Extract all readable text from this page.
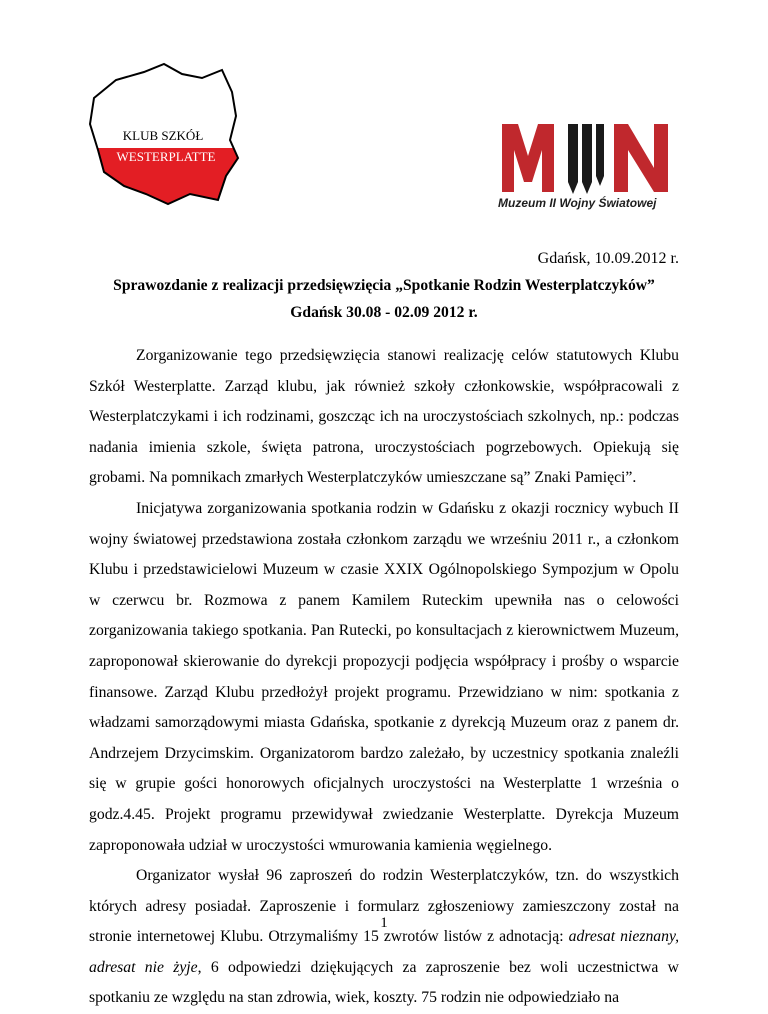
KLUB SZKÓŁ
WESTERPLATTE
Muzeum II Wojny Światowej
Gdańsk, 10.09.2012 r.
Sprawozdanie z realizacji przedsięwzięcia „Spotkanie Rodzin Westerplatczyków”
Gdańsk 30.08 - 02.09 2012 r.

Zorganizowanie tego przedsięwzięcia stanowi realizację celów statutowych Klubu Szkół Westerplatte. Zarząd klubu, jak również szkoły członkowskie, współpracowali z Westerplatczykami i ich rodzinami, goszcząc ich na uroczystościach szkolnych, np.: podczas nadania imienia szkole, święta patrona, uroczystościach pogrzebowych. Opiekują się grobami. Na pomnikach zmarłych Westerplatczyków umieszczane są” Znaki Pamięci”.

Inicjatywa zorganizowania spotkania rodzin w Gdańsku z okazji rocznicy wybuch II wojny światowej przedstawiona została członkom zarządu we wrześniu 2011 r., a członkom Klubu i przedstawicielowi Muzeum w czasie XXIX Ogólnopolskiego Sympozjum w Opolu w czerwcu br. Rozmowa z panem Kamilem Ruteckim upewniła nas o celowości zorganizowania takiego spotkania. Pan Rutecki, po konsultacjach z kierownictwem Muzeum, zaproponował skierowanie do dyrekcji propozycji podjęcia współpracy i prośby o wsparcie finansowe. Zarząd Klubu przedłożył projekt programu. Przewidziano w nim: spotkania z władzami samorządowymi miasta Gdańska, spotkanie z dyrekcją Muzeum oraz z panem dr. Andrzejem Drzycimskim. Organizatorom bardzo zależało, by uczestnicy spotkania znaleźli się w grupie gości honorowych oficjalnych uroczystości na Westerplatte 1 września o godz.4.45. Projekt programu przewidywał zwiedzanie Westerplatte. Dyrekcja Muzeum zaproponowała udział w uroczystości wmurowania kamienia węgielnego.

Organizator wysłał 96 zaproszeń do rodzin Westerplatczyków, tzn. do wszystkich których adresy posiadał. Zaproszenie i formularz zgłoszeniowy zamieszczony został na stronie internetowej Klubu. Otrzymaliśmy 15 zwrotów listów z adnotacją: adresat nieznany, adresat nie żyje, 6 odpowiedzi dziękujących za zaproszenie bez woli uczestnictwa w spotkaniu ze względu na stan zdrowia, wiek, koszty. 75 rodzin nie odpowiedziało na

1
